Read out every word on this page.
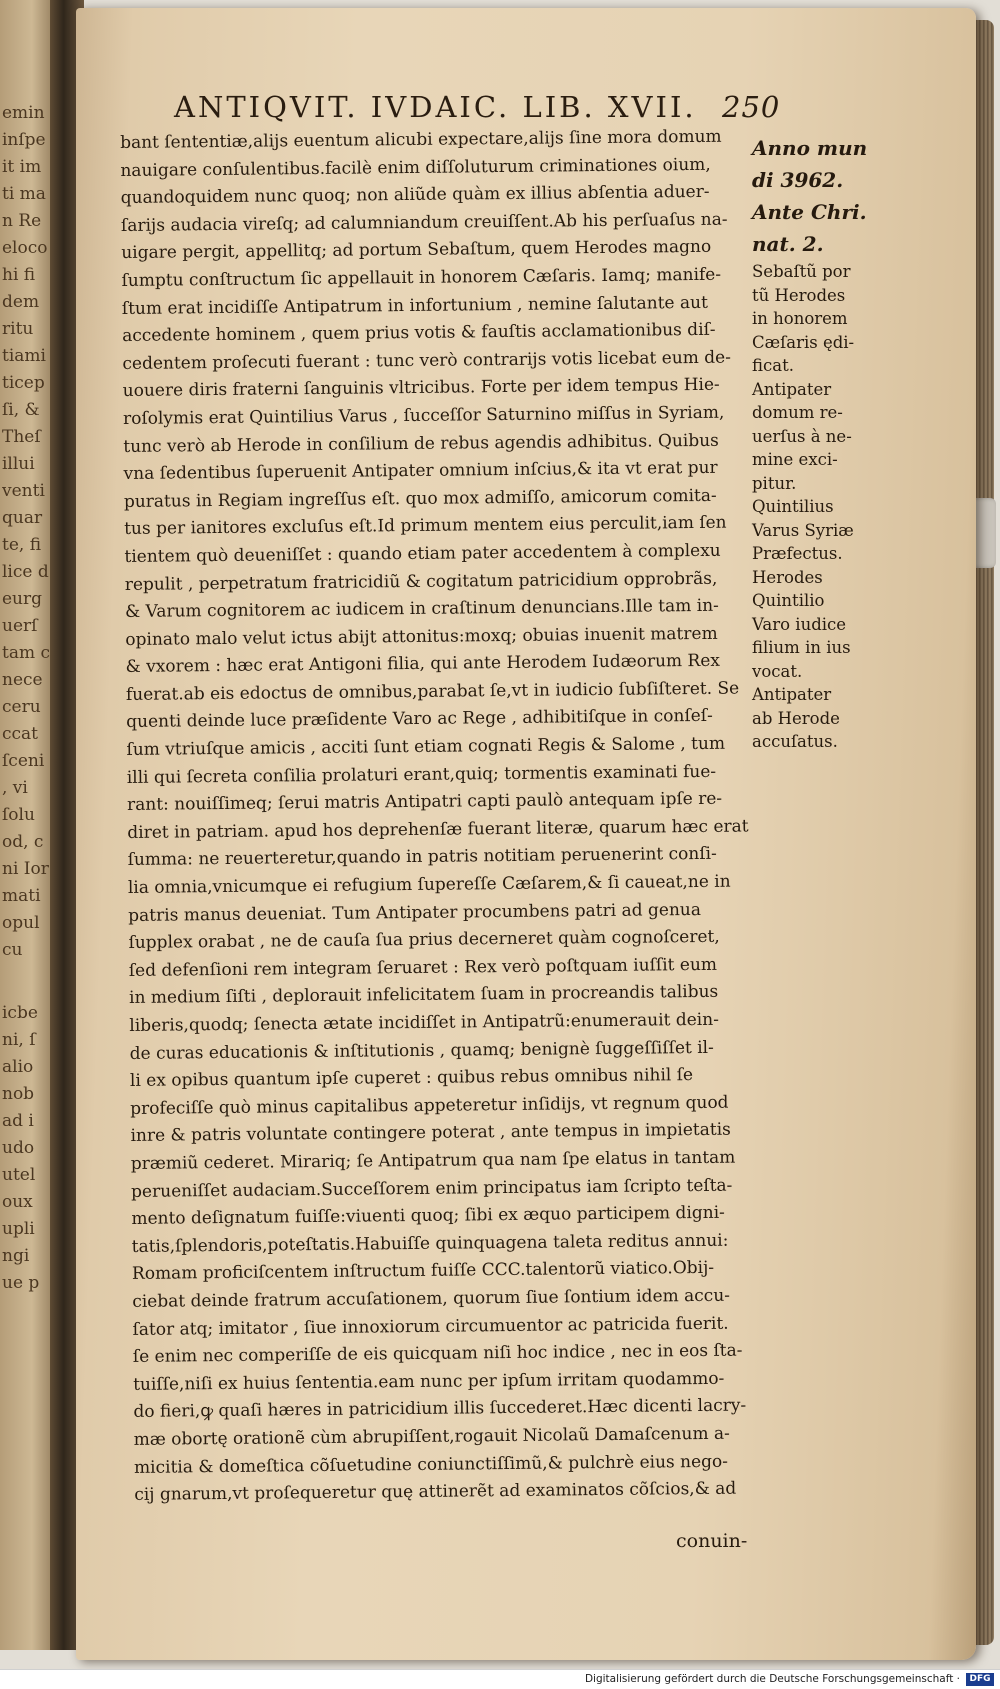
emin
inſpe
it im
ti ma
n Re
eloco
hi fi
dem
ritu
tiami
ticep
ſi, &
Theſ
illui
venti
quar
te, fi
lice d
eurg
uerſ
tam c
nece
ceru
ccat
ſceni
, vi
ſolu
od, c
ni Ior
mati
opul
cu
icbe
ni, ſ
alio
nob
ad i
udo
utel
oux
upli
ngi
ue p
ANTIQVIT. IVDAIC. LIB. XVII. 250
bant ſententiæ,alijs euentum alicubi expectare,alijs ſine mora domum
nauigare conſulentibus.facilè enim diſſoluturum criminationes oium,
quandoquidem nunc quoq; non aliũde quàm ex illius abſentia aduer-
ſarijs audacia vireſq; ad calumniandum creuiſſent.Ab his perſuaſus na-
uigare pergit, appellitq; ad portum Sebaſtum, quem Herodes magno
ſumptu conſtructum ſic appellauit in honorem Cæſaris. Iamq; manife-
ſtum erat incidiſſe Antipatrum in infortunium , nemine ſalutante aut
accedente hominem , quem prius votis & fauſtis acclamationibus diſ-
cedentem proſecuti fuerant : tunc verò contrarijs votis licebat eum de-
uouere diris fraterni ſanguinis vltricibus. Forte per idem tempus Hie-
roſolymis erat Quintilius Varus , ſucceſſor Saturnino miſſus in Syriam,
tunc verò ab Herode in conſilium de rebus agendis adhibitus. Quibus
vna ſedentibus ſuperuenit Antipater omnium inſcius,& ita vt erat pur
puratus in Regiam ingreſſus eſt. quo mox admiſſo, amicorum comita-
tus per ianitores excluſus eſt.Id primum mentem eius perculit,iam ſen
tientem quò deueniſſet : quando etiam pater accedentem à complexu
repulit , perpetratum fratricidiũ & cogitatum patricidium opprobrãs,
& Varum cognitorem ac iudicem in craſtinum denuncians.Ille tam in-
opinato malo velut ictus abijt attonitus:moxq; obuias inuenit matrem
& vxorem : hæc erat Antigoni filia, qui ante Herodem Iudæorum Rex
fuerat.ab eis edoctus de omnibus,parabat ſe,vt in iudicio ſubſiſteret. Se
quenti deinde luce præſidente Varo ac Rege , adhibitiſque in conſeſ-
ſum vtriuſque amicis , acciti ſunt etiam cognati Regis & Salome , tum
illi qui ſecreta conſilia prolaturi erant,quiq; tormentis examinati fue-
rant: nouiſſimeq; ſerui matris Antipatri capti paulò antequam ipſe re-
diret in patriam. apud hos deprehenſæ fuerant literæ, quarum hæc erat
ſumma: ne reuerteretur,quando in patris notitiam peruenerint conſi-
lia omnia,vnicumque ei refugium ſupereſſe Cæſarem,& ſi caueat,ne in
patris manus deueniat. Tum Antipater procumbens patri ad genua
ſupplex orabat , ne de cauſa ſua prius decerneret quàm cognoſceret,
ſed defenſioni rem integram ſeruaret : Rex verò poſtquam iuſſit eum
in medium ſiſti , deplorauit infelicitatem ſuam in procreandis talibus
liberis,quodq; ſenecta ætate incidiſſet in Antipatrũ:enumerauit dein-
de curas educationis & inſtitutionis , quamq; benignè ſuggeſſiſſet il-
li ex opibus quantum ipſe cuperet : quibus rebus omnibus nihil ſe
profeciſſe quò minus capitalibus appeteretur inſidijs, vt regnum quod
inre & patris voluntate contingere poterat , ante tempus in impietatis
præmiũ cederet. Mirariq; ſe Antipatrum qua nam ſpe elatus in tantam
perueniſſet audaciam.Succeſſorem enim principatus iam ſcripto teſta-
mento deſignatum fuiſſe:viuenti quoq; ſibi ex æquo participem digni-
tatis,ſplendoris,poteſtatis.Habuiſſe quinquagena taleta reditus annui:
Romam proficiſcentem inſtructum fuiſſe CCC.talentorũ viatico.Obij-
ciebat deinde fratrum accuſationem, quorum ſiue ſontium idem accu-
ſator atq; imitator , ſiue innoxiorum circumuentor ac patricida fuerit.
ſe enim nec comperiſſe de eis quicquam niſi hoc indice , nec in eos ſta-
tuiſſe,niſi ex huius ſententia.eam nunc per ipſum irritam quodammo-
do fieri,ꝙ quaſi hæres in patricidium illis ſuccederet.Hæc dicenti lacry-
mæ obortę orationẽ cùm abrupiſſent,rogauit Nicolaũ Damaſcenum a-
micitia & domeſtica cõſuetudine coniunctiſſimũ,& pulchrè eius nego-
cij gnarum,vt proſequeretur quę attinerẽt ad examinatos cõſcios,& ad
conuin-
Anno mun
di 3962.
Ante Chri.
nat. 2.
Sebaſtũ por
tũ Herodes
in honorem
Cæſaris ędi-
ficat.
Antipater
domum re-
uerſus à ne-
mine exci-
pitur.
Quintilius
Varus Syriæ
Præfectus.
Herodes
Quintilio
Varo iudice
filium in ius
vocat.
Antipater
ab Herode
accuſatus.
Digitalisierung gefördert durch die Deutsche Forschungsgemeinschaft ·	DFG
